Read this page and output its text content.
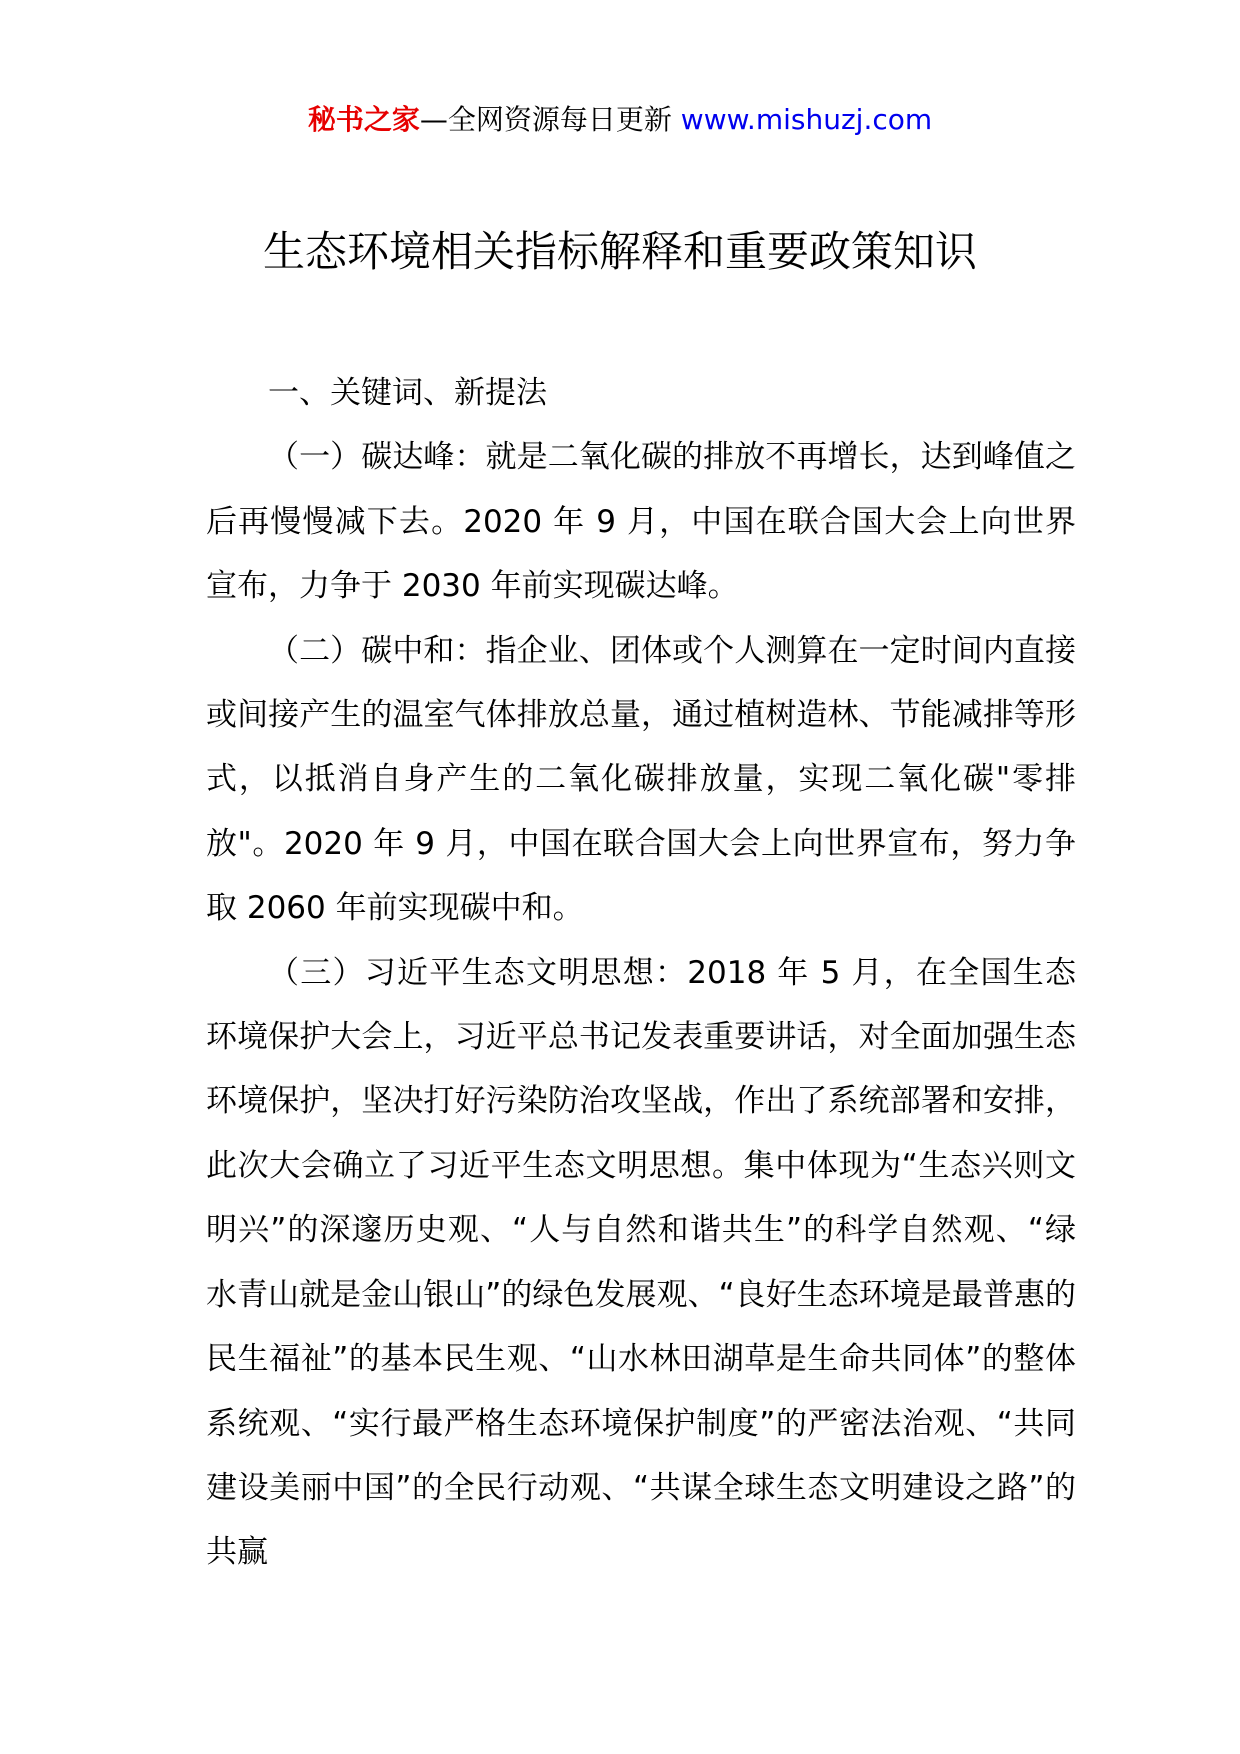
秘书之家—全网资源每日更新 www.mishuzj.com
生态环境相关指标解释和重要政策知识

一、关键词、新提法

（一）碳达峰：就是二氧化碳的排放不再增长，达到峰值之后再慢慢减下去。2020 年 9 月，中国在联合国大会上向世界宣布，力争于 2030 年前实现碳达峰。

（二）碳中和：指企业、团体或个人测算在一定时间内直接或间接产生的温室气体排放总量，通过植树造林、节能减排等形式，以抵消自身产生的二氧化碳排放量，实现二氧化碳"零排放"。2020 年 9 月，中国在联合国大会上向世界宣布，努力争取 2060 年前实现碳中和。

（三）习近平生态文明思想：2018 年 5 月，在全国生态环境保护大会上，习近平总书记发表重要讲话，对全面加强生态环境保护，坚决打好污染防治攻坚战，作出了系统部署和安排，此次大会确立了习近平生态文明思想。集中体现为“生态兴则文明兴”的深邃历史观、“人与自然和谐共生”的科学自然观、“绿水青山就是金山银山”的绿色发展观、“良好生态环境是最普惠的民生福祉”的基本民生观、“山水林田湖草是生命共同体”的整体系统观、“实行最严格生态环境保护制度”的严密法治观、“共同建设美丽中国”的全民行动观、“共谋全球生态文明建设之路”的共赢
